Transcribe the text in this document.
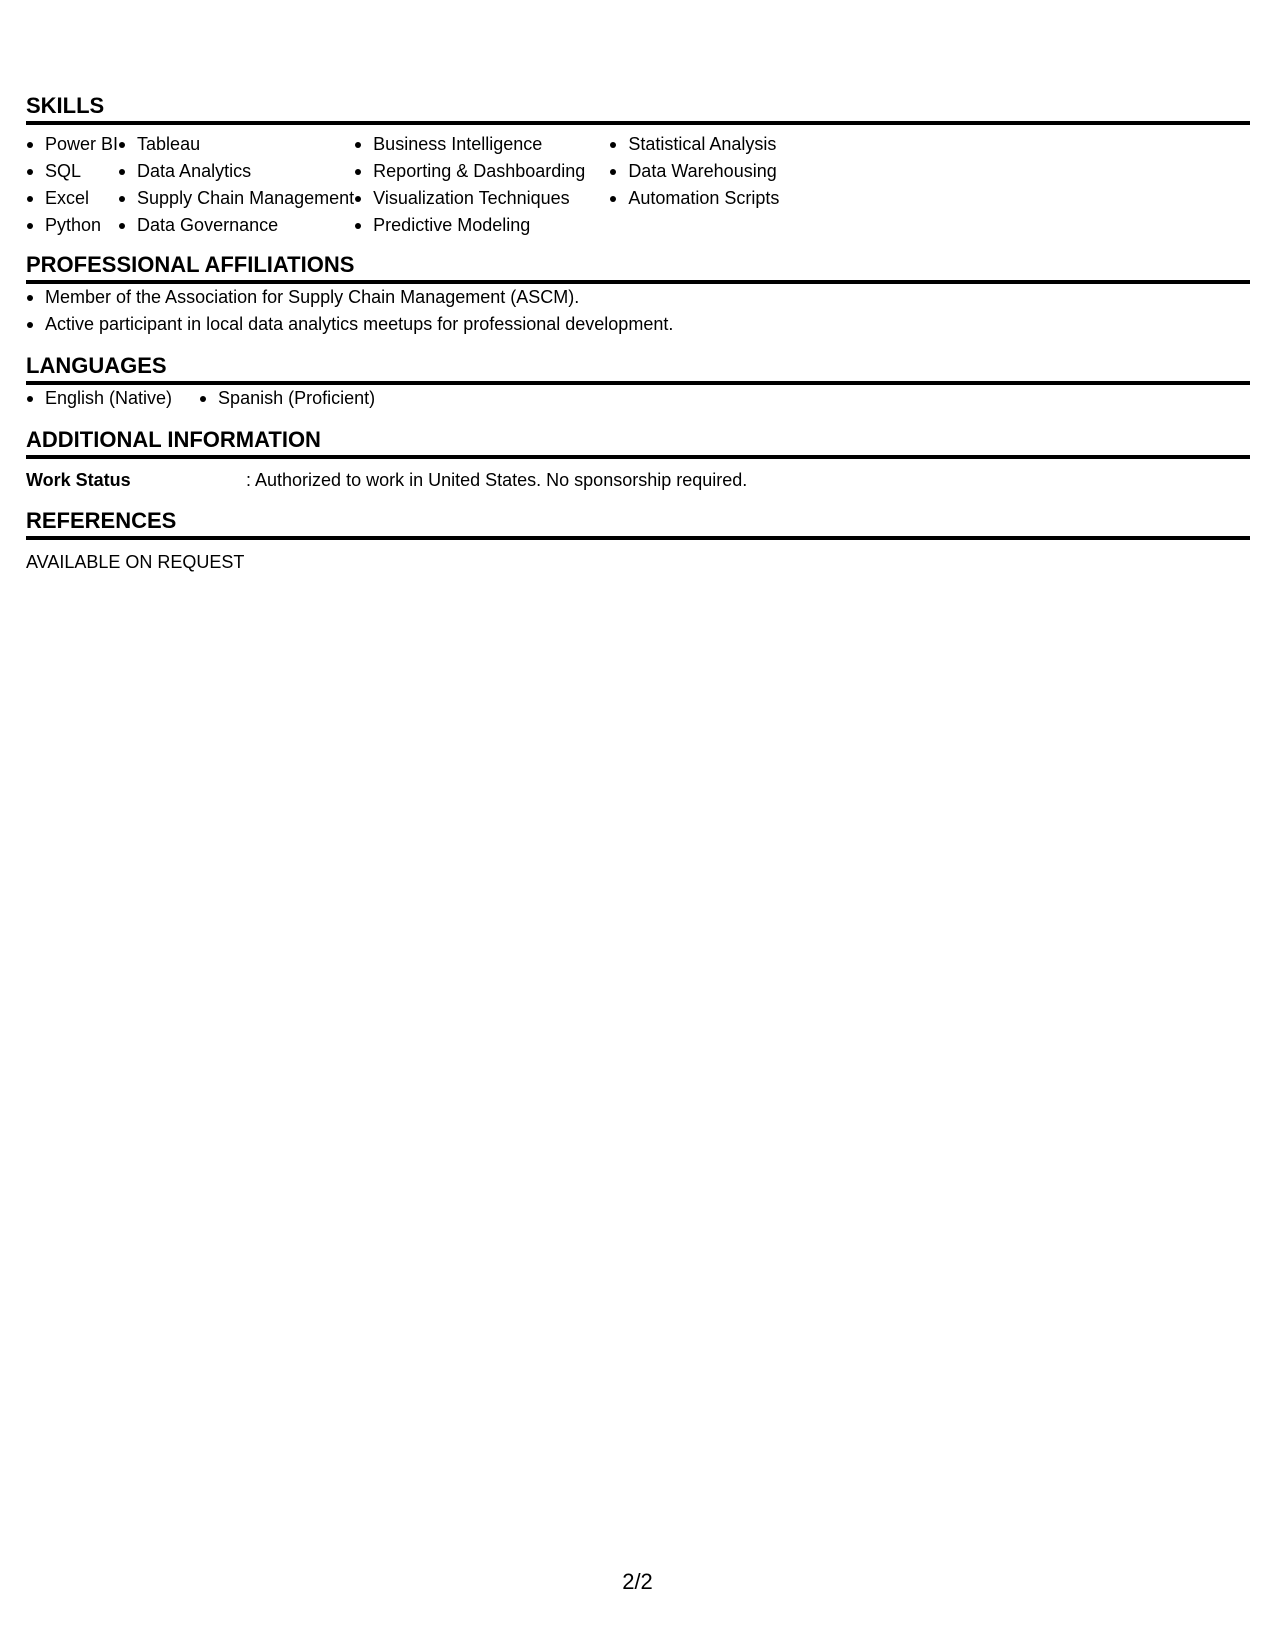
SKILLS
Power BI
SQL
Excel
Python
Tableau
Data Analytics
Supply Chain Management
Data Governance
Business Intelligence
Reporting & Dashboarding
Visualization Techniques
Predictive Modeling
Statistical Analysis
Data Warehousing
Automation Scripts
PROFESSIONAL AFFILIATIONS
Member of the Association for Supply Chain Management (ASCM).
Active participant in local data analytics meetups for professional development.
LANGUAGES
English (Native)	Spanish (Proficient)
ADDITIONAL INFORMATION
Work Status	: Authorized to work in United States. No sponsorship required.
REFERENCES
AVAILABLE ON REQUEST
2/2
